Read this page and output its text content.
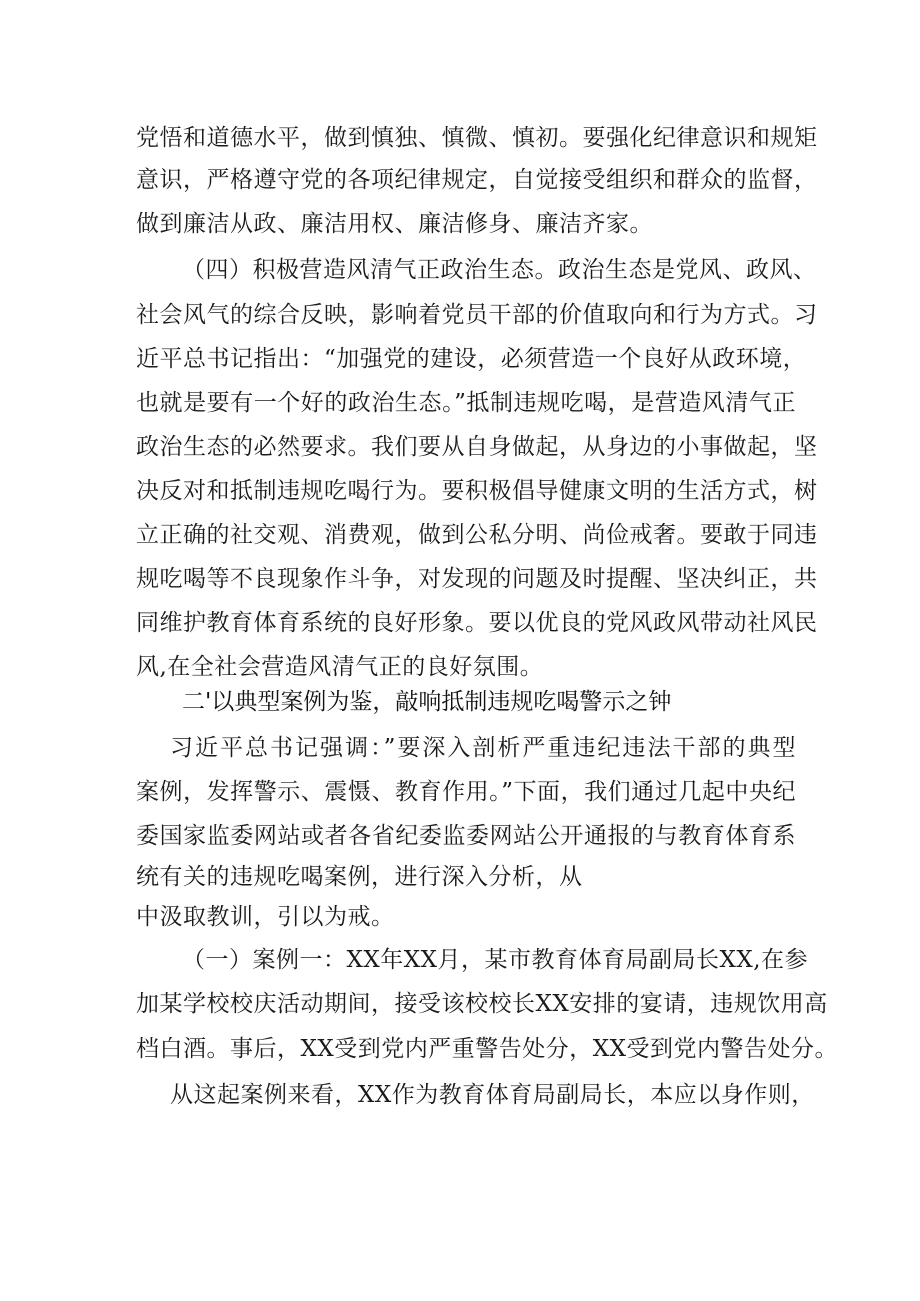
党悟和道德水平，做到慎独、慎微、慎初。要强化纪律意识和规矩
意识，严格遵守党的各项纪律规定，自觉接受组织和群众的监督，
做到廉洁从政、廉洁用权、廉洁修身、廉洁齐家。
（四）积极营造风清气正政治生态。政治生态是党风、政风、
社会风气的综合反映，影响着党员干部的价值取向和行为方式。习
近平总书记指出：“加强党的建设，必须营造一个良好从政环境，
也就是要有一个好的政治生态。”抵制违规吃喝，是营造风清气正
政治生态的必然要求。我们要从自身做起，从身边的小事做起，坚
决反对和抵制违规吃喝行为。要积极倡导健康文明的生活方式，树
立正确的社交观、消费观，做到公私分明、尚俭戒奢。要敢于同违
规吃喝等不良现象作斗争，对发现的问题及时提醒、坚决纠正，共
同维护教育体育系统的良好形象。要以优良的党风政风带动社风民
风,在全社会营造风清气正的良好氛围。
二'以典型案例为鉴，敲响抵制违规吃喝警示之钟
习近平总书记强调：”要深入剖析严重违纪违法干部的典型
案例，发挥警示、震慑、教育作用。”下面，我们通过几起中央纪
委国家监委网站或者各省纪委监委网站公开通报的与教育体育系
统有关的违规吃喝案例，进行深入分析，从
中汲取教训，引以为戒。
（一）案例一：XX年XX月，某市教育体育局副局长XX,在参
加某学校校庆活动期间，接受该校校长XX安排的宴请，违规饮用高
档白酒。事后，XX受到党内严重警告处分，XX受到党内警告处分。
从这起案例来看，XX作为教育体育局副局长，本应以身作则，
